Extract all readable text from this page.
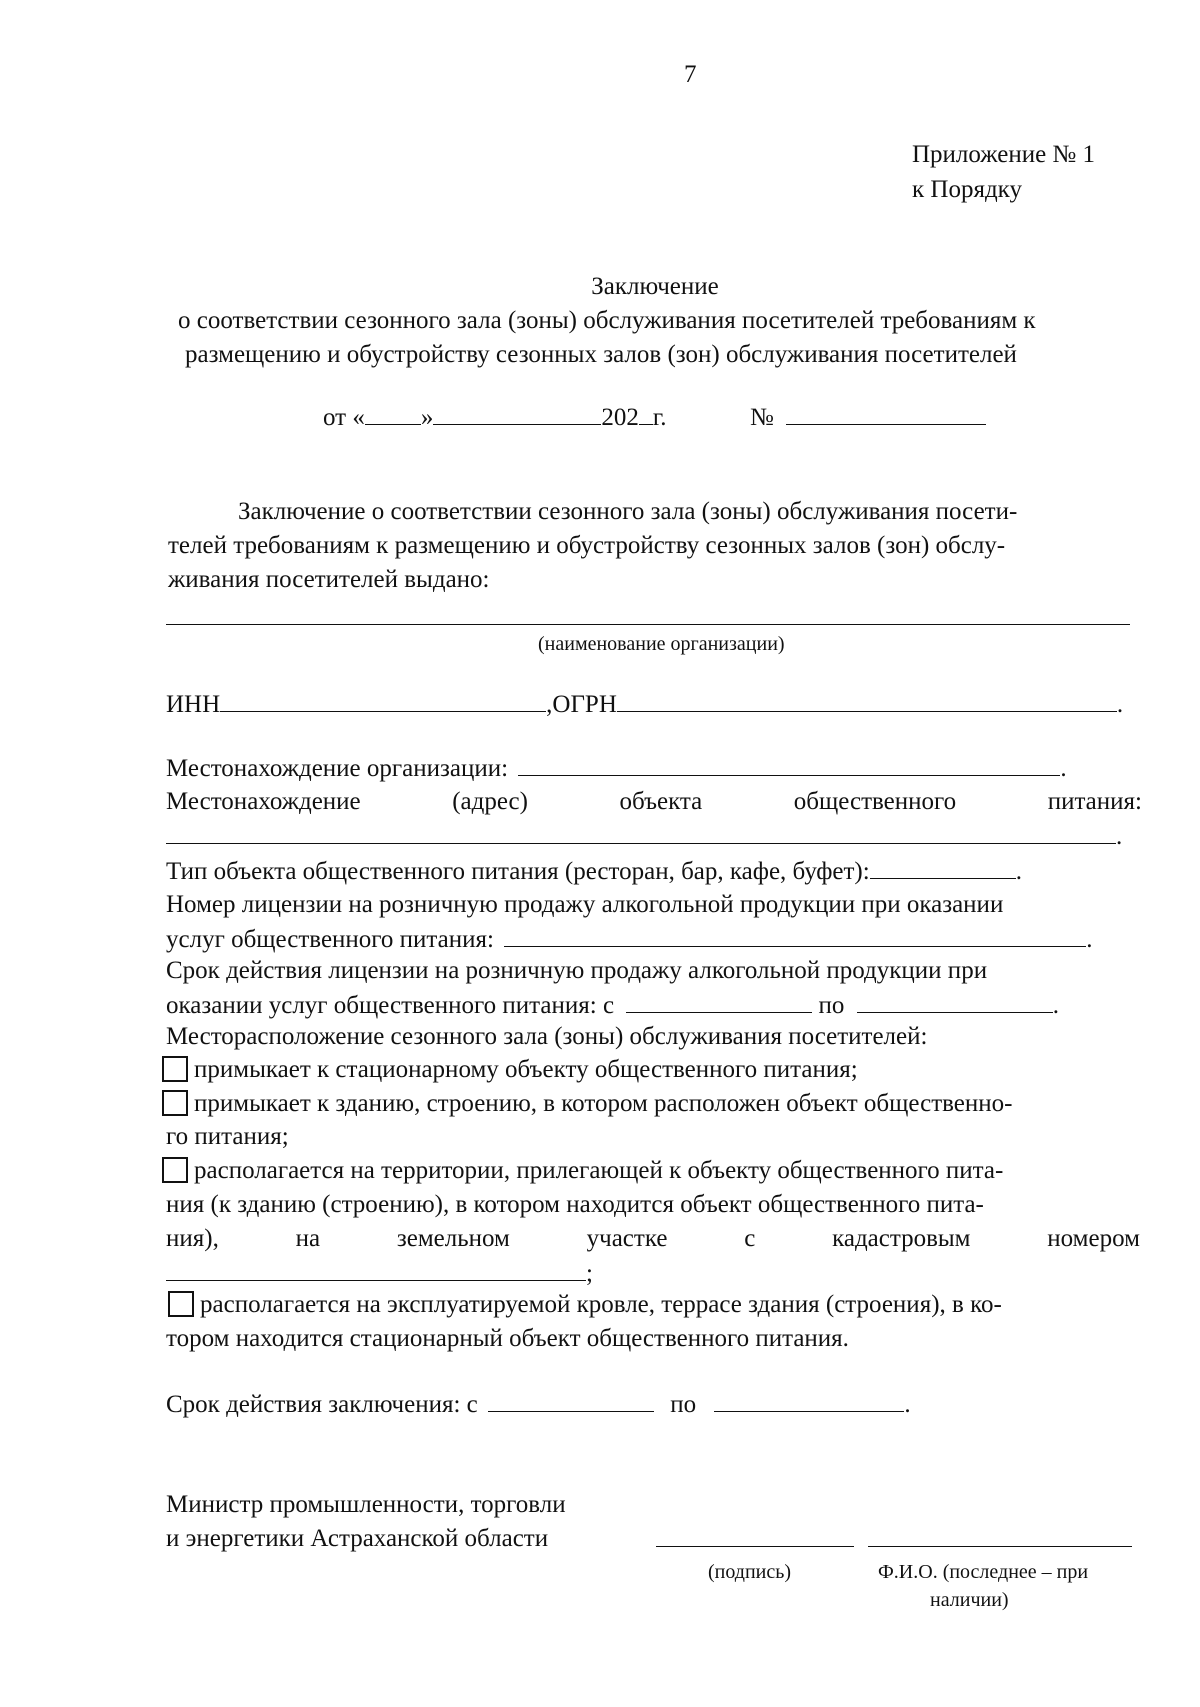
7
Приложение № 1
к Порядку
Заключение
о соответствии сезонного зала (зоны) обслуживания посетителей требованиям к
размещению и обустройству сезонных залов (зон) обслуживания посетителей
от « »	202 г.	№
Заключение о соответствии сезонного зала (зоны) обслуживания посети-
телей требованиям к размещению и обустройству сезонных залов (зон) обслу-
живания посетителей выдано:
(наименование организации)
ИНН	,ОГРН	.
Местонахождение организации:	.
Местонахождение	(адрес)	объекта	общественного	питания:
.
Тип объекта общественного питания (ресторан, бар, кафе, буфет):	.
Номер лицензии на розничную продажу алкогольной продукции при оказании
услуг общественного питания:	.
Срок действия лицензии на розничную продажу алкогольной продукции при
оказании услуг общественного питания: с	по	.
Месторасположение сезонного зала (зоны) обслуживания посетителей:
примыкает к стационарному объекту общественного питания;
примыкает к зданию, строению, в котором расположен объект общественно-
го питания;
располагается на территории, прилегающей к объекту общественного пита-
ния (к зданию (строению), в котором находится объект общественного пита-
ния),	на	земельном	участке	с	кадастровым	номером
;
располагается на эксплуатируемой кровле, террасе здания (строения), в ко-
тором находится стационарный объект общественного питания.
Срок действия заключения: с	по	.
Министр промышленности, торговли
и энергетики Астраханской области
(подпись)	Ф.И.О. (последнее – при
наличии)
